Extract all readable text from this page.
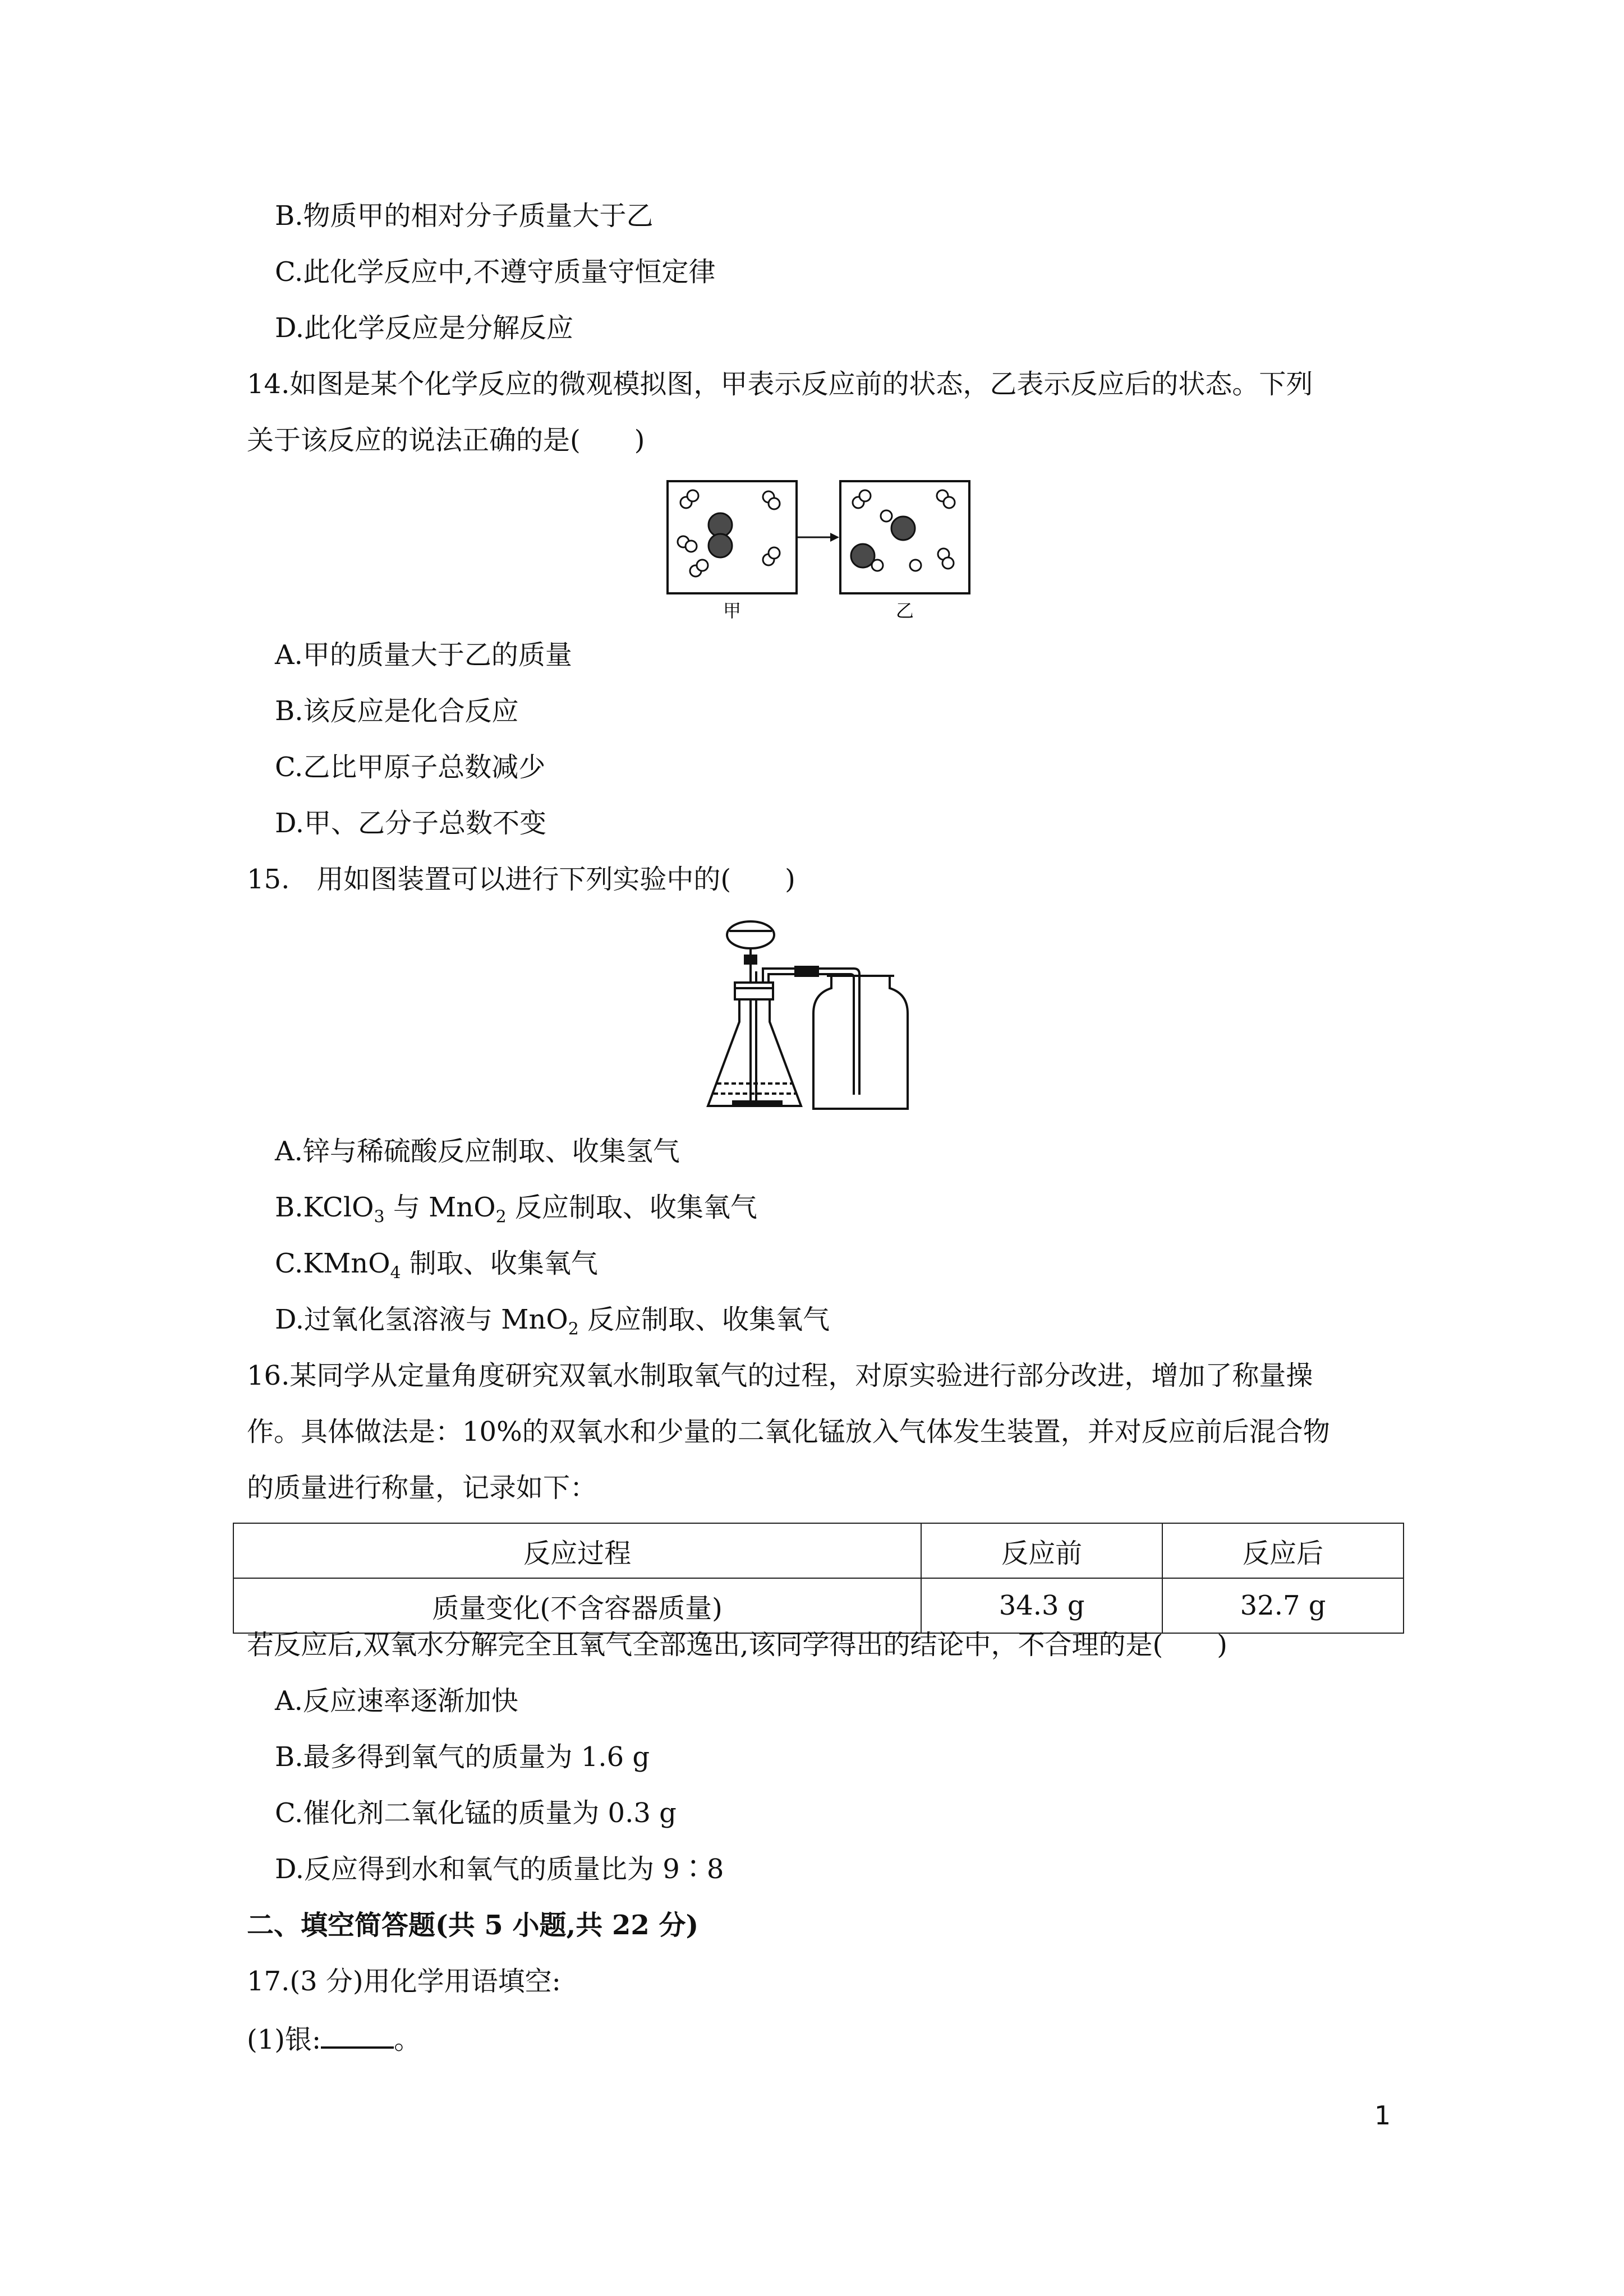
B.物质甲的相对分子质量大于乙
C.此化学反应中,不遵守质量守恒定律
D.此化学反应是分解反应
14.如图是某个化学反应的微观模拟图，甲表示反应前的状态，乙表示反应后的状态。下列
关于该反应的说法正确的是(　　)
甲	乙
A.甲的质量大于乙的质量
B.该反应是化合反应
C.乙比甲原子总数减少
D.甲、乙分子总数不变
15.　用如图装置可以进行下列实验中的(　　)
A.锌与稀硫酸反应制取、收集氢气
B.KClO$_3$ 与 MnO$_2$ 反应制取、收集氧气
C.KMnO$_4$ 制取、收集氧气
D.过氧化氢溶液与 MnO$_2$ 反应制取、收集氧气
16.某同学从定量角度研究双氧水制取氧气的过程，对原实验进行部分改进，增加了称量操
作。具体做法是：10%的双氧水和少量的二氧化锰放入气体发生装置，并对反应前后混合物
的质量进行称量，记录如下：
反应过程	反应前	反应后
质量变化(不含容器质量)	34.3 g	32.7 g
若反应后,双氧水分解完全且氧气全部逸出,该同学得出的结论中，不合理的是(　　)
A.反应速率逐渐加快
B.最多得到氧气的质量为 1.6 g
C.催化剂二氧化锰的质量为 0.3 g
D.反应得到水和氧气的质量比为 9∶8
二、填空简答题(共 5 小题,共 22 分)
17.(3 分)用化学用语填空:
(1)银:	。
1
